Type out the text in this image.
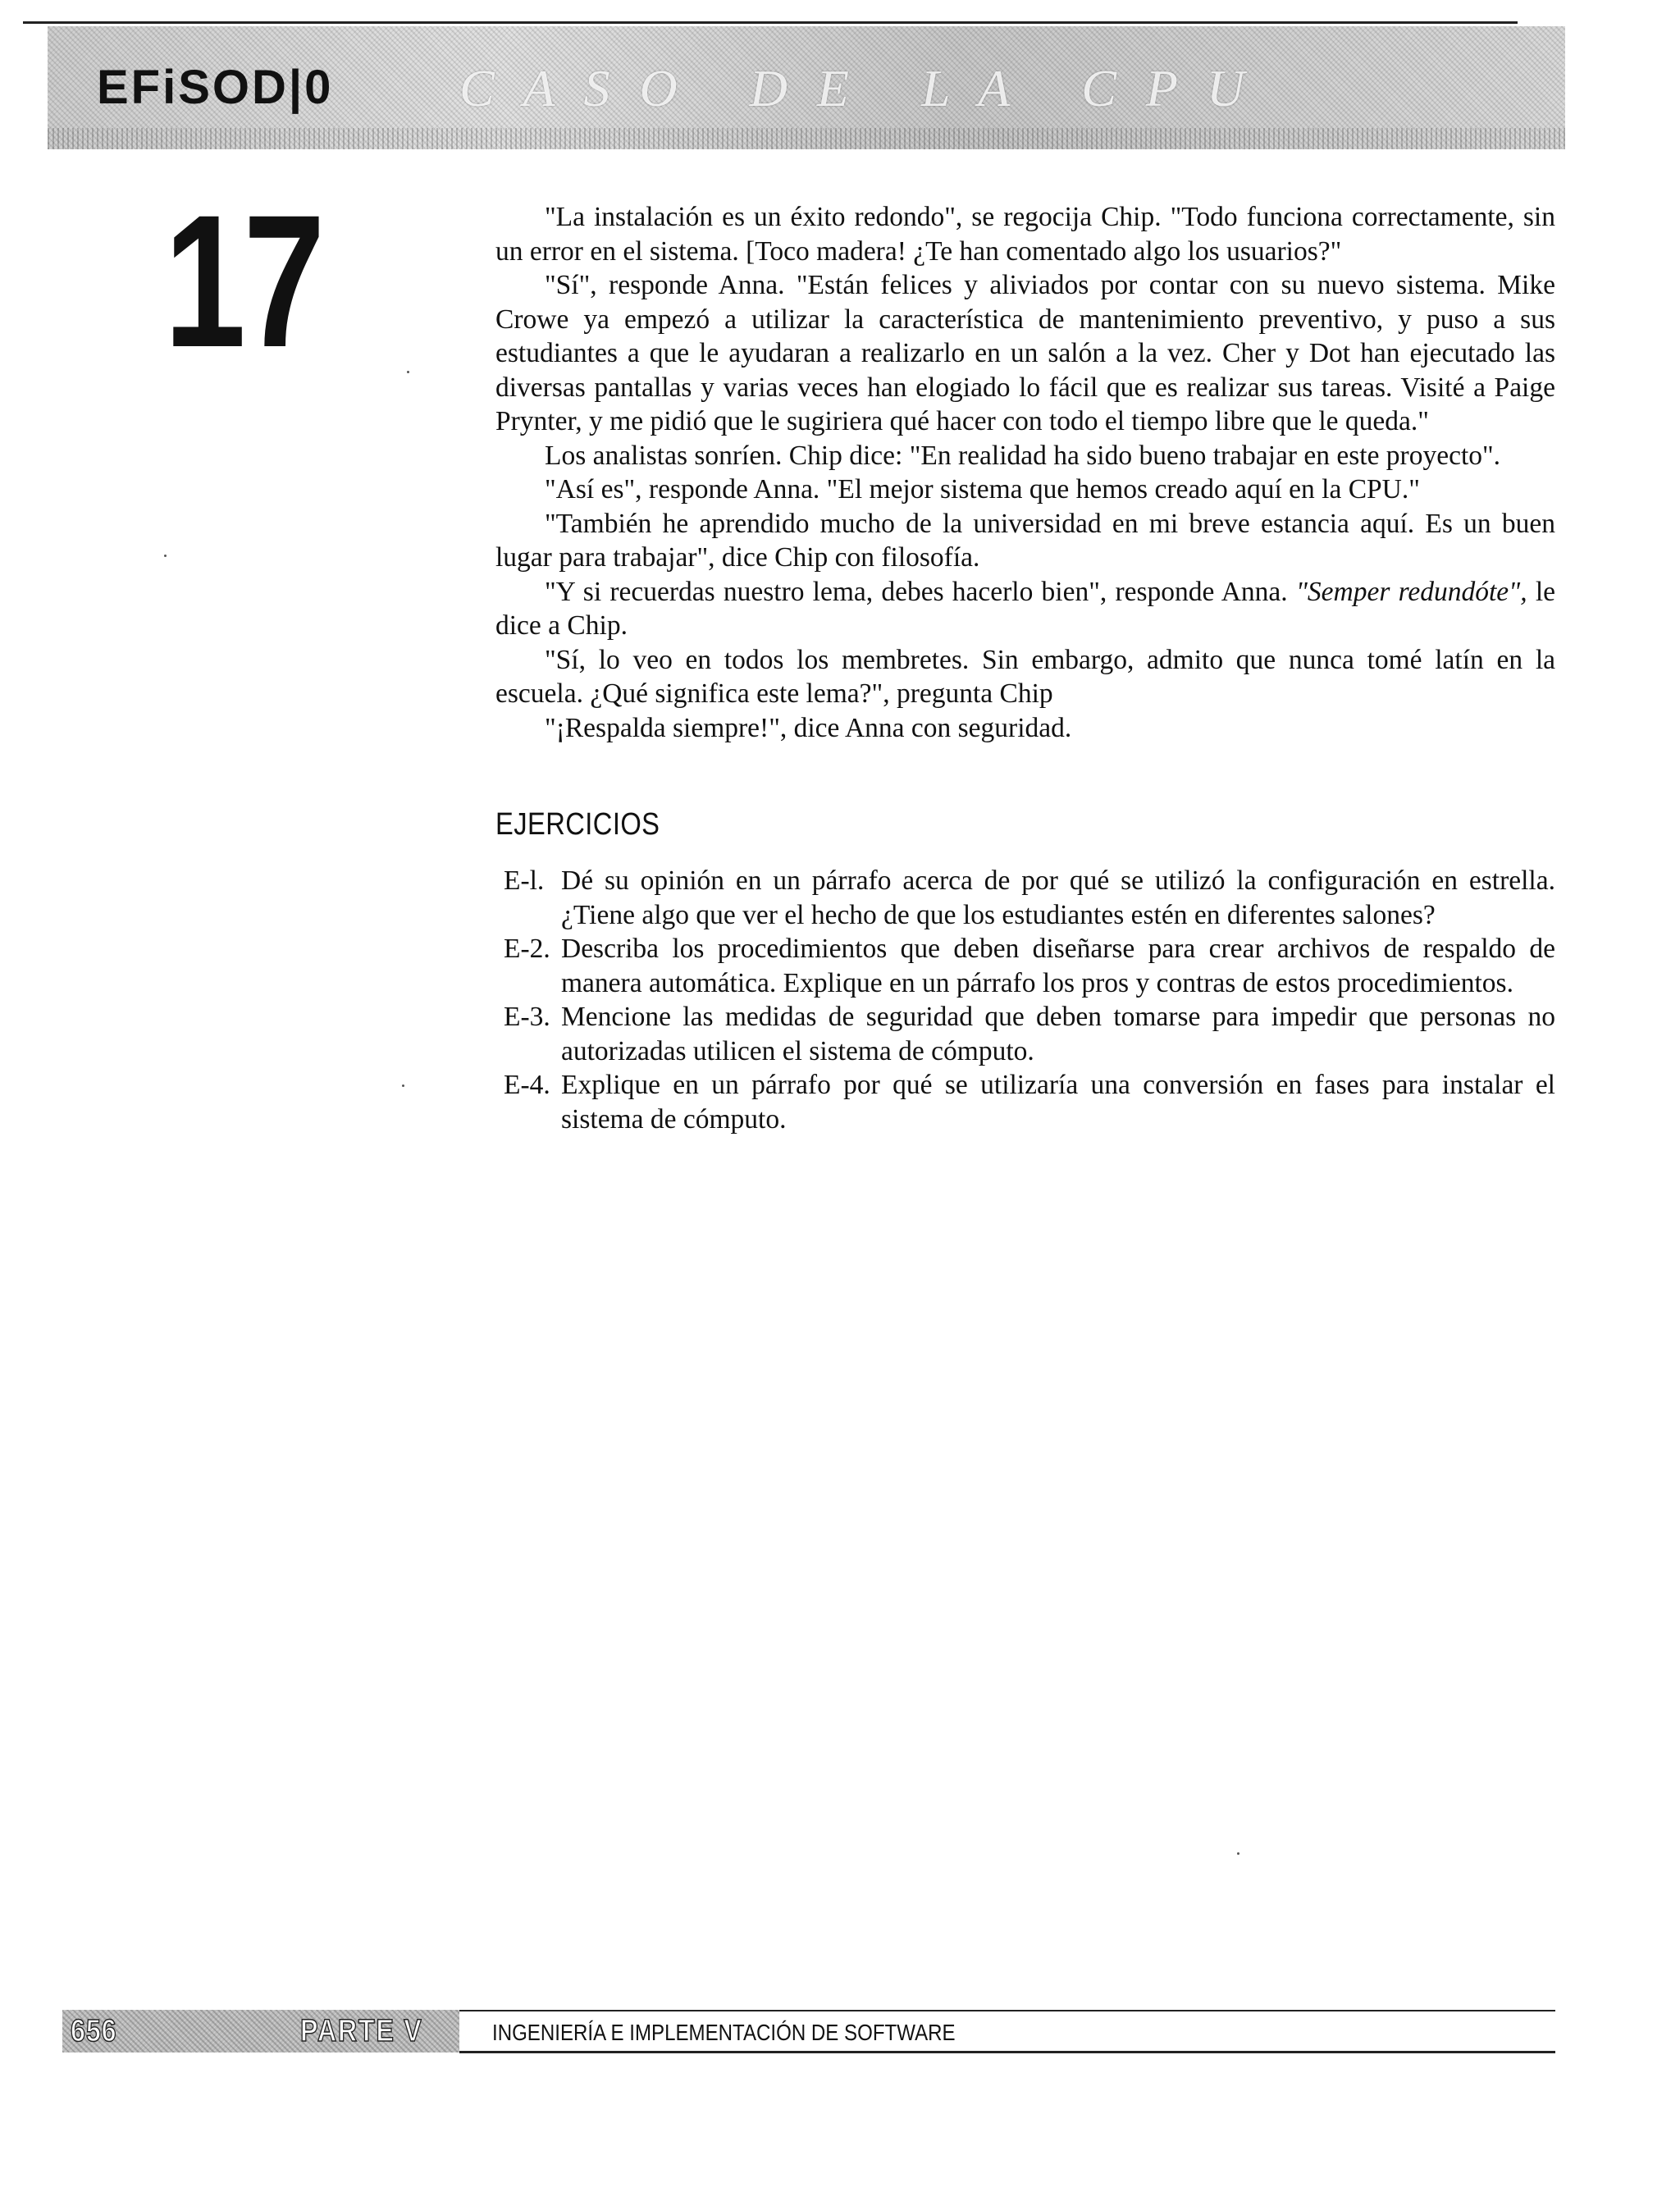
EFiSOD|0 C A S O   D E   L A   C P U
17	"La instalación es un éxito redondo", se regocija Chip. "Todo funciona correctamente, sin un error en el sistema. [Toco madera! ¿Te han comentado algo los usuarios?"

"Sí", responde Anna. "Están felices y aliviados por contar con su nuevo sistema. Mike Crowe ya empezó a utilizar la característica de mantenimiento preventivo, y puso a sus estudiantes a que le ayudaran a realizarlo en un salón a la vez. Cher y Dot han ejecutado las diversas pantallas y varias veces han elogiado lo fácil que es realizar sus tareas. Visité a Paige Prynter, y me pidió que le sugiriera qué hacer con todo el tiempo libre que le queda."

Los analistas sonríen. Chip dice: "En realidad ha sido bueno trabajar en este proyecto".

"Así es", responde Anna. "El mejor sistema que hemos creado aquí en la CPU."

"También he aprendido mucho de la universidad en mi breve estancia aquí. Es un buen lugar para trabajar", dice Chip con filosofía.

"Y si recuerdas nuestro lema, debes hacerlo bien", responde Anna. "Semper redundóte", le dice a Chip.

"Sí, lo veo en todos los membretes. Sin embargo, admito que nunca tomé latín en la escuela. ¿Qué significa este lema?", pregunta Chip

"¡Respalda siempre!", dice Anna con seguridad.

EJERCICIOS
E-l. Dé su opinión en un párrafo acerca de por qué se utilizó la configuración en estrella. ¿Tiene algo que ver el hecho de que los estudiantes estén en diferentes salones?
E-2. Describa los procedimientos que deben diseñarse para crear archivos de respaldo de manera automática. Explique en un párrafo los pros y contras de estos procedimientos.
E-3. Mencione las medidas de seguridad que deben tomarse para impedir que personas no autorizadas utilicen el sistema de cómputo.
E-4. Explique en un párrafo por qué se utilizaría una conversión en fases para instalar el sistema de cómputo.
656	PARTE V	INGENIERÍA E IMPLEMENTACIÓN DE SOFTWARE
